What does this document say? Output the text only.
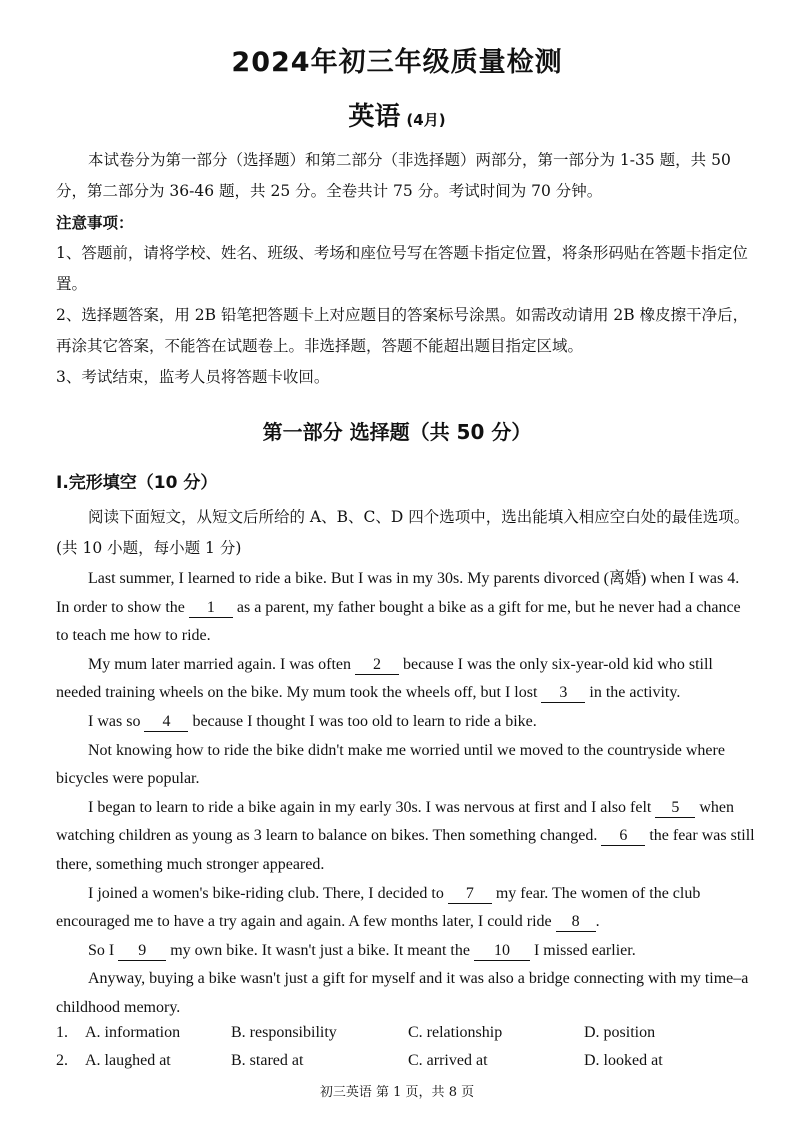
2024年初三年级质量检测
英语 (4月)

本试卷分为第一部分（选择题）和第二部分（非选择题）两部分，第一部分为 1-35 题，共 50 分，第二部分为 36-46 题，共 25 分。全卷共计 75 分。考试时间为 70 分钟。

注意事项：
1、答题前，请将学校、姓名、班级、考场和座位号写在答题卡指定位置，将条形码贴在答题卡指定位置。
2、选择题答案，用 2B 铅笔把答题卡上对应题目的答案标号涂黑。如需改动请用 2B 橡皮擦干净后，再涂其它答案，不能答在试题卷上。非选择题，答题不能超出题目指定区域。
3、考试结束，监考人员将答题卡收回。
第一部分 选择题（共 50 分）
I.完形填空（10 分）

阅读下面短文，从短文后所给的 A、B、C、D 四个选项中，选出能填入相应空白处的最佳选项。(共 10 小题，每小题 1 分)

Last summer, I learned to ride a bike. But I was in my 30s. My parents divorced (离婚) when I was 4. In order to show the 1 as a parent, my father bought a bike as a gift for me, but he never had a chance to teach me how to ride.

My mum later married again. I was often 2 because I was the only six-year-old kid who still needed training wheels on the bike. My mum took the wheels off, but I lost 3 in the activity.

I was so 4 because I thought I was too old to learn to ride a bike.

Not knowing how to ride the bike didn't make me worried until we moved to the countryside where bicycles were popular.

I began to learn to ride a bike again in my early 30s. I was nervous at first and I also felt 5 when watching children as young as 3 learn to balance on bikes. Then something changed. 6 the fear was still there, something much stronger appeared.

I joined a women's bike-riding club. There, I decided to 7 my fear. The women of the club encouraged me to have a try again and again. A few months later, I could ride 8 .

So I 9 my own bike. It wasn't just a bike. It meant the 10 I missed earlier.

Anyway, buying a bike wasn't just a gift for myself and it was also a bridge connecting with my time–a childhood memory.

1. A. information	B. responsibility	C. relationship	D. position
2. A. laughed at	B. stared at	C. arrived at	D. looked at
初三英语 第 1 页，共 8 页
